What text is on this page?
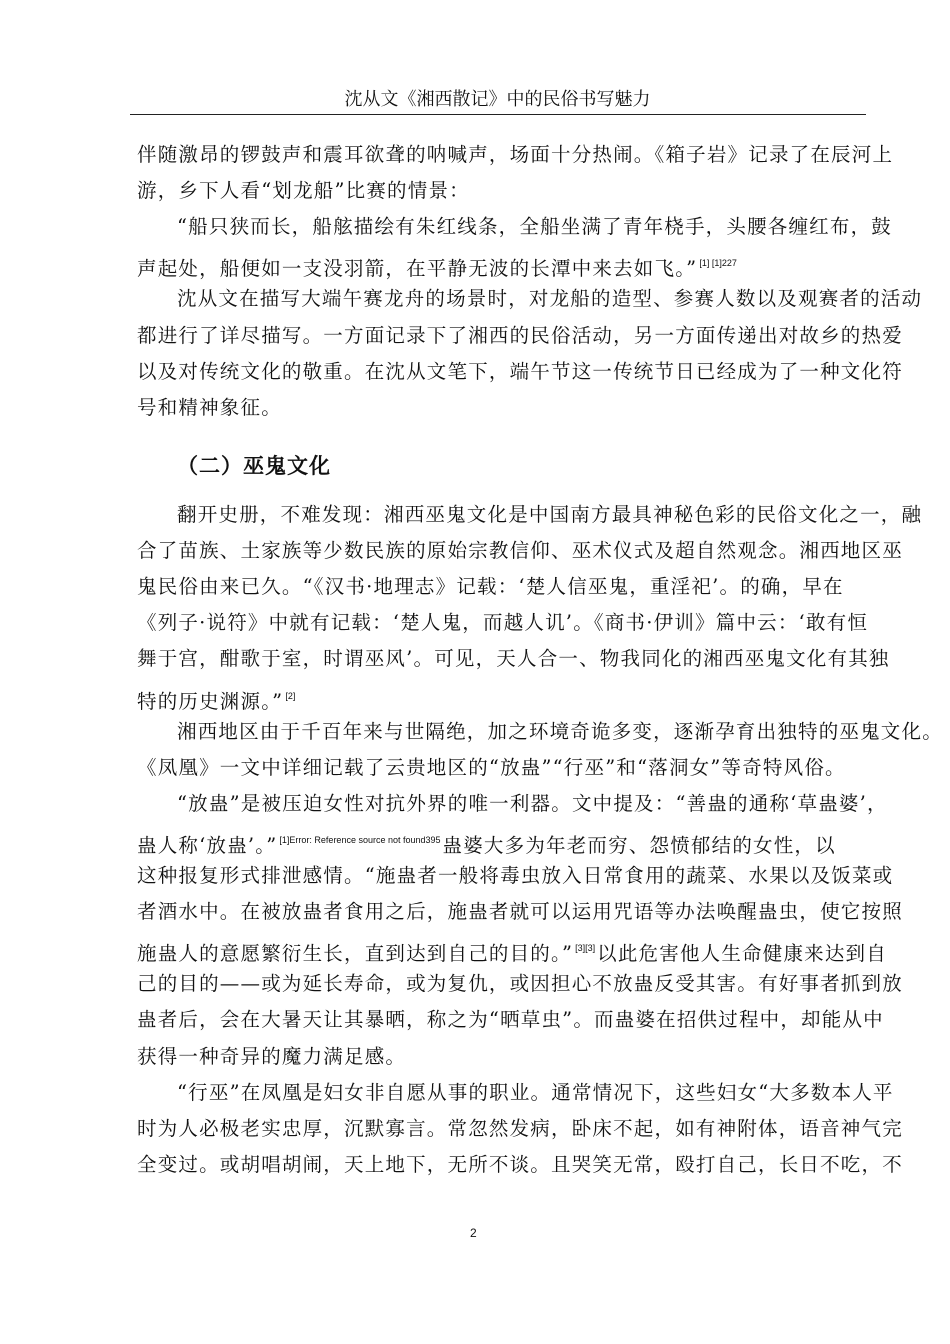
沈从文《湘西散记》中的民俗书写魅力
伴随激昂的锣鼓声和震耳欲聋的呐喊声，场面十分热闹。《箱子岩》记录了在辰河上
游，乡下人看“划龙船”比赛的情景：
“船只狭而长，船舷描绘有朱红线条，全船坐满了青年桡手，头腰各缠红布，鼓
声起处，船便如一支没羽箭，在平静无波的长潭中来去如飞。” $^{[1] [1]227}$
沈从文在描写大端午赛龙舟的场景时，对龙船的造型、参赛人数以及观赛者的活动
都进行了详尽描写。一方面记录下了湘西的民俗活动，另一方面传递出对故乡的热爱
以及对传统文化的敬重。在沈从文笔下，端午节这一传统节日已经成为了一种文化符
号和精神象征。
（二）巫鬼文化
翻开史册，不难发现：湘西巫鬼文化是中国南方最具神秘色彩的民俗文化之一，融
合了苗族、土家族等少数民族的原始宗教信仰、巫术仪式及超自然观念。湘西地区巫
鬼民俗由来已久。“《汉书·地理志》记载：‘楚人信巫鬼，重淫祀’。的确，早在
《列子·说符》中就有记载：‘楚人鬼，而越人讥’。《商书·伊训》篇中云：‘敢有恒
舞于宫，酣歌于室，时谓巫风’。可见，天人合一、物我同化的湘西巫鬼文化有其独
特的历史渊源。” [2]
湘西地区由于千百年来与世隔绝，加之环境奇诡多变，逐渐孕育出独特的巫鬼文化。
《凤凰》一文中详细记载了云贵地区的“放蛊”“行巫”和“落洞女”等奇特风俗。
“放蛊”是被压迫女性对抗外界的唯一利器。文中提及：“善蛊的通称‘草蛊婆’，
蛊人称‘放蛊’。” $^{[1]Error: Reference source not found395}$ 蛊婆大多为年老而穷、怨愤郁结的女性，以
这种报复形式排泄感情。“施蛊者一般将毒虫放入日常食用的蔬菜、水果以及饭菜或
者酒水中。在被放蛊者食用之后，施蛊者就可以运用咒语等办法唤醒蛊虫，使它按照
施蛊人的意愿繁衍生长，直到达到自己的目的。” [3][3] 以此危害他人生命健康来达到自
己的目的——或为延长寿命，或为复仇，或因担心不放蛊反受其害。有好事者抓到放
蛊者后，会在大暑天让其暴晒，称之为“晒草虫”。而蛊婆在招供过程中，却能从中
获得一种奇异的魔力满足感。
“行巫”在凤凰是妇女非自愿从事的职业。通常情况下，这些妇女“大多数本人平
时为人必极老实忠厚，沉默寡言。常忽然发病，卧床不起，如有神附体，语音神气完
全变过。或胡唱胡闹，天上地下，无所不谈。且哭笑无常，殴打自己，长日不吃，不
2
